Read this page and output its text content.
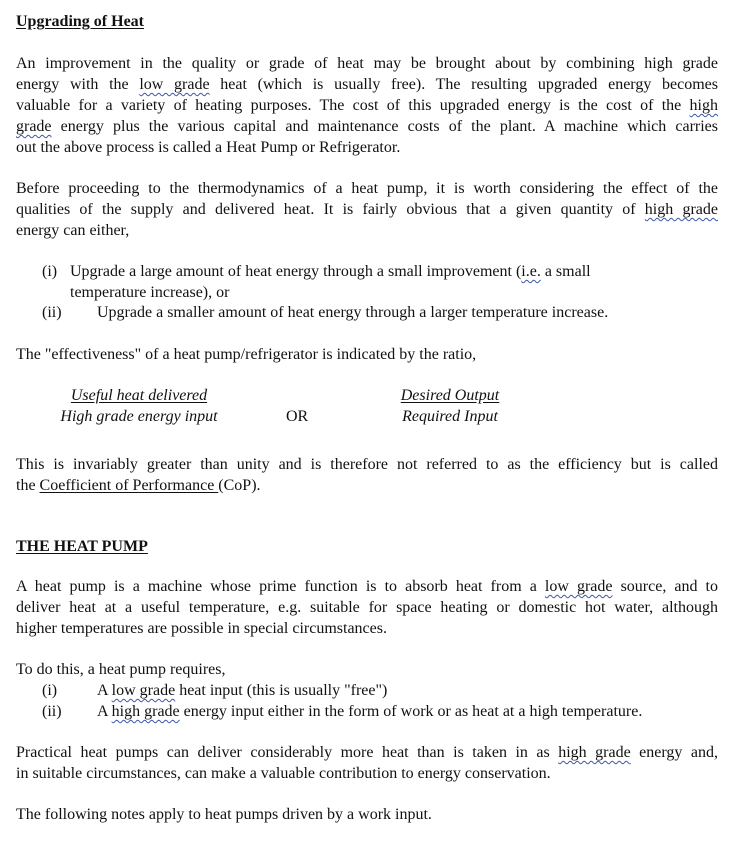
Upgrading of Heat
An improvement in the quality or grade of heat may be brought about by combining high grade
energy with the low grade heat (which is usually free). The resulting upgraded energy becomes
valuable for a variety of heating purposes. The cost of this upgraded energy is the cost of the high
grade energy plus the various capital and maintenance costs of the plant. A machine which carries
out the above process is called a Heat Pump or Refrigerator.
Before proceeding to the thermodynamics of a heat pump, it is worth considering the effect of the
qualities of the supply and delivered heat. It is fairly obvious that a given quantity of high grade
energy can either,
(i) Upgrade a large amount of heat energy through a small improvement (i.e. a small
temperature increase), or
(ii) Upgrade a smaller amount of heat energy through a larger temperature increase.
The "effectiveness" of a heat pump/refrigerator is indicated by the ratio,
Useful heat delivered
High grade energy input	OR
Desired Output
Required Input
This is invariably greater than unity and is therefore not referred to as the efficiency but is called
the Coefficient of Performance (CoP).
THE HEAT PUMP
A heat pump is a machine whose prime function is to absorb heat from a low grade source, and to
deliver heat at a useful temperature, e.g. suitable for space heating or domestic hot water, although
higher temperatures are possible in special circumstances.
To do this, a heat pump requires,
(i) A low grade heat input (this is usually "free")
(ii) A high grade energy input either in the form of work or as heat at a high temperature.
Practical heat pumps can deliver considerably more heat than is taken in as high grade energy and,
in suitable circumstances, can make a valuable contribution to energy conservation.
The following notes apply to heat pumps driven by a work input.
